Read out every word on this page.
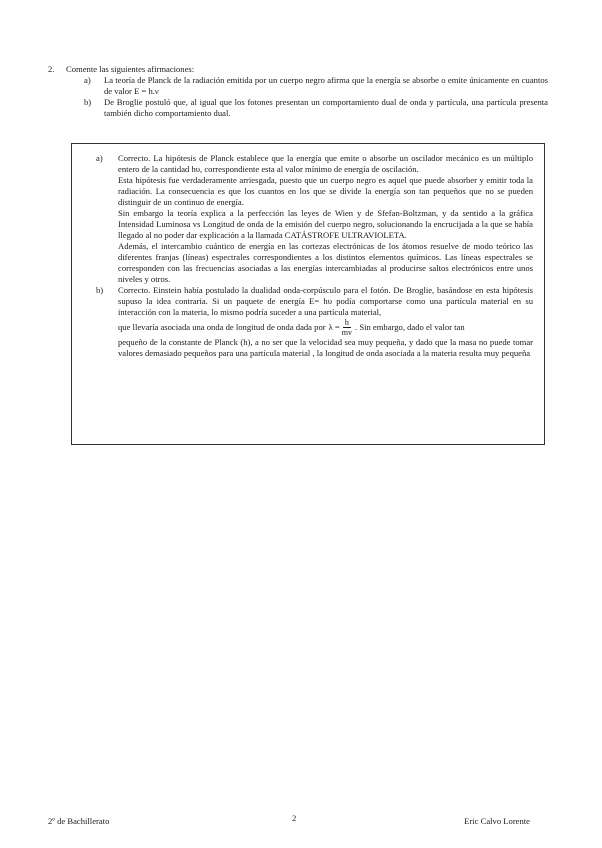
2.	Comente las siguientes afirmaciones:
a)	La teoría de Planck de la radiación emitida por un cuerpo negro afirma que la energía se absorbe o emite únicamente en cuantos de valor E = h.ν
b)	De Broglie postuló que, al igual que los fotones presentan un comportamiento dual de onda y partícula, una partícula presenta también dicho comportamiento dual.
a)	Correcto. La hipótesis de Planck establece que la energía que emite o absorbe un oscilador mecánico es un múltiplo entero de la cantidad hυ, correspondiente esta al valor mínimo de energía de oscilación.

Esta hipótesis fue verdaderamente arriesgada, puesto que un cuerpo negro es aquel que puede absorber y emitir toda la radiación. La consecuencia es que los cuantos en los que se divide la energía son tan pequeños que no se pueden distinguir de un continuo de energía.

Sin embargo la teoría explica a la perfección las leyes de Wien y de Sfefan-Boltzman, y da sentido a la gráfica Intensidad Luminosa vs Longitud de onda de la emisión del cuerpo negro, solucionando la encrucijada a la que se había llegado al no poder dar explicación a la llamada CATÁSTROFE ULTRAVIOLETA.

Además, el intercambio cuántico de energía en las cortezas electrónicas de los átomos resuelve de modo teórico las diferentes franjas (líneas) espectrales correspondientes a los distintos elementos químicos. Las líneas espectrales se corresponden con las frecuencias asociadas a las energías intercambiadas al producirse saltos electrónicos entre unos niveles y otros.

b)	Correcto. Einstein había postulado la dualidad onda-corpúsculo para el fotón. De Broglie, basándose en esta hipótesis supuso la idea contraria. Si un paquete de energía E= hυ podía comportarse como una partícula material en su interacción con la materia, lo mismo podría suceder a una partícula material,

que llevaría asociada una onda de longitud de onda dada por $\lambda = \frac{h}{mv}$ . Sin embargo, dado el valor tan

pequeño de la constante de Planck (h), a no ser que la velocidad sea muy pequeña, y dado que la masa no puede tomar valores demasiado pequeños para una partícula material , la longitud de onda asociada a la materia resulta muy pequeña

2º de Bachillerato	2	Eric Calvo Lorente
